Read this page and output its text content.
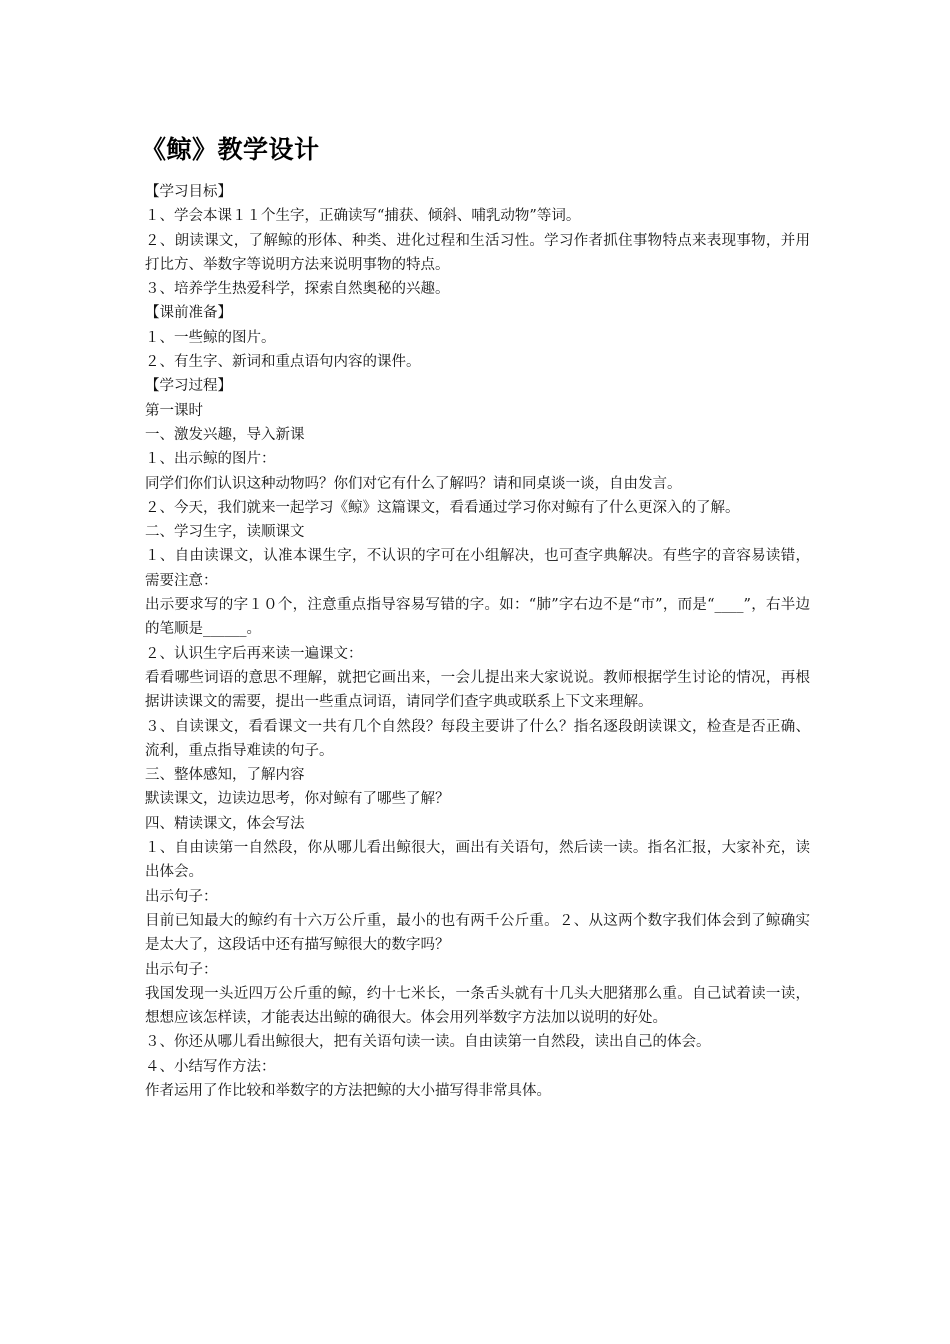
《鲸》教学设计

【学习目标】

１、学会本课１１个生字，正确读写“捕获、倾斜、哺乳动物”等词。

２、朗读课文，了解鲸的形体、种类、进化过程和生活习性。学习作者抓住事物特点来表现事物，并用打比方、举数字等说明方法来说明事物的特点。

３、培养学生热爱科学，探索自然奥秘的兴趣。

【课前准备】

１、一些鲸的图片。

２、有生字、新词和重点语句内容的课件。

【学习过程】

第一课时

一、激发兴趣，导入新课

１、出示鲸的图片：

同学们你们认识这种动物吗？你们对它有什么了解吗？请和同桌谈一谈，自由发言。

２、今天，我们就来一起学习《鲸》这篇课文，看看通过学习你对鲸有了什么更深入的了解。

二、学习生字，读顺课文

１、自由读课文，认准本课生字，不认识的字可在小组解决，也可查字典解决。有些字的音容易读错，需要注意：

出示要求写的字１０个，注意重点指导容易写错的字。如：“肺”字右边不是“市”，而是“____”，右半边的笔顺是______。

２、认识生字后再来读一遍课文：

看看哪些词语的意思不理解，就把它画出来，一会儿提出来大家说说。教师根据学生讨论的情况，再根据讲读课文的需要，提出一些重点词语，请同学们查字典或联系上下文来理解。

３、自读课文，看看课文一共有几个自然段？每段主要讲了什么？指名逐段朗读课文，检查是否正确、流利，重点指导难读的句子。

三、整体感知，了解内容

默读课文，边读边思考，你对鲸有了哪些了解？

四、精读课文，体会写法

１、自由读第一自然段，你从哪儿看出鲸很大，画出有关语句，然后读一读。指名汇报，大家补充，读出体会。

出示句子：

目前已知最大的鲸约有十六万公斤重，最小的也有两千公斤重。２、从这两个数字我们体会到了鲸确实是太大了，这段话中还有描写鲸很大的数字吗？

出示句子：

我国发现一头近四万公斤重的鲸，约十七米长，一条舌头就有十几头大肥猪那么重。自己试着读一读，想想应该怎样读，才能表达出鲸的确很大。体会用列举数字方法加以说明的好处。

３、你还从哪儿看出鲸很大，把有关语句读一读。自由读第一自然段，读出自己的体会。

４、小结写作方法：

作者运用了作比较和举数字的方法把鲸的大小描写得非常具体。
